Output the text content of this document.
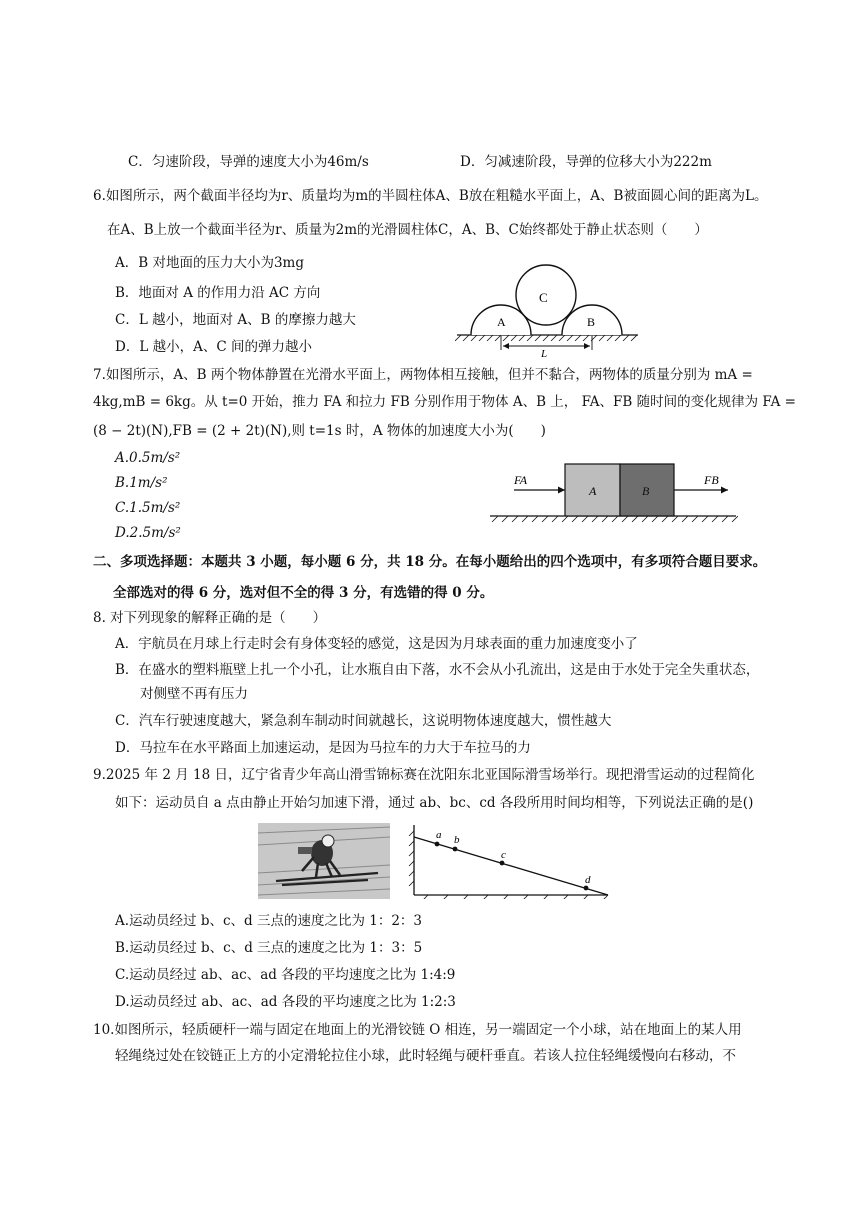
C．匀速阶段，导弹的速度大小为46m/s	D．匀减速阶段，导弹的位移大小为222m
6.如图所示，两个截面半径均为r、质量均为m的半圆柱体A、B放在粗糙水平面上，A、B被面圆心间的距离为L。
在A、B上放一个截面半径为r、质量为2m的光滑圆柱体C，A、B、C始终都处于静止状态则（　　）
A．B 对地面的压力大小为3mg
B．地面对 A 的作用力沿 AC 方向
C．L 越小，地面对 A、B 的摩擦力越大
D．L 越小，A、C 间的弹力越小
A	B
C
L
7.如图所示，A、B 两个物体静置在光滑水平面上，两物体相互接触，但并不黏合，两物体的质量分别为 mA =
4kg,mB = 6kg。从 t=0 开始，推力 FA 和拉力 FB 分别作用于物体 A、B 上， FA、FB 随时间的变化规律为 FA =
(8 − 2t)(N),FB = (2 + 2t)(N),则 t=1s 时，A 物体的加速度大小为(　　)
A.0.5m/s²
B.1m/s²
C.1.5m/s²
D.2.5m/s²
A	B
FA	FB
二、多项选择题：本题共 3 小题，每小题 6 分，共 18 分。在每小题给出的四个选项中，有多项符合题目要求。
全部选对的得 6 分，选对但不全的得 3 分，有选错的得 0 分。
8. 对下列现象的解释正确的是（　　）
A．宇航员在月球上行走时会有身体变轻的感觉，这是因为月球表面的重力加速度变小了
B．在盛水的塑料瓶壁上扎一个小孔，让水瓶自由下落，水不会从小孔流出，这是由于水处于完全失重状态，
对侧壁不再有压力
C．汽车行驶速度越大，紧急刹车制动时间就越长，这说明物体速度越大，惯性越大
D．马拉车在水平路面上加速运动，是因为马拉车的力大于车拉马的力
9.2025 年 2 月 18 日，辽宁省青少年高山滑雪锦标赛在沈阳东北亚国际滑雪场举行。现把滑雪运动的过程简化
如下：运动员自 a 点由静止开始匀加速下滑，通过 ab、bc、cd 各段所用时间均相等，下列说法正确的是()
a b
c
d
A.运动员经过 b、c、d 三点的速度之比为 1：2：3
B.运动员经过 b、c、d 三点的速度之比为 1：3：5
C.运动员经过 ab、ac、ad 各段的平均速度之比为 1:4:9
D.运动员经过 ab、ac、ad 各段的平均速度之比为 1:2:3
10.如图所示，轻质硬杆一端与固定在地面上的光滑铰链 O 相连，另一端固定一个小球，站在地面上的某人用
轻绳绕过处在铰链正上方的小定滑轮拉住小球，此时轻绳与硬杆垂直。若该人拉住轻绳缓慢向右移动，不
